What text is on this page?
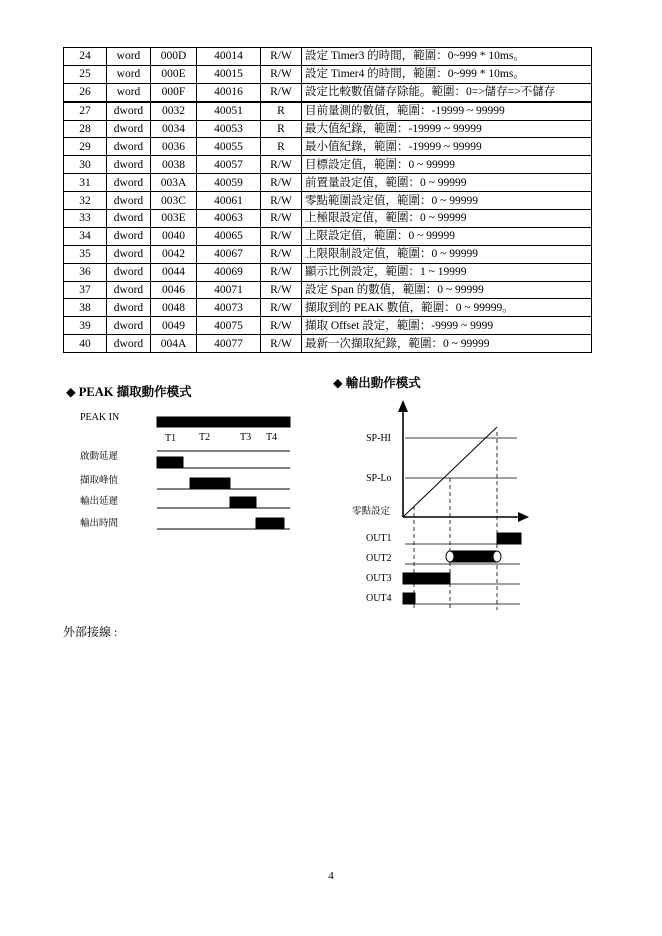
24	word	000D	40014	R/W	設定 Timer3 的時間，範圍：0~999 * 10ms。
25	word	000E	40015	R/W	設定 Timer4 的時間，範圍：0~999 * 10ms。
26	word	000F	40016	R/W	設定比較數值儲存除能。範圍：0=>儲存=>不儲存
27	dword	0032	40051	R	目前量測的數值，範圍：-19999 ~ 99999
28	dword	0034	40053	R	最大值紀錄，範圍：-19999 ~ 99999
29	dword	0036	40055	R	最小值紀錄，範圍：-19999 ~ 99999
30	dword	0038	40057	R/W	目標設定值，範圍：0 ~ 99999
31	dword	003A	40059	R/W	前置量設定值，範圍：0 ~ 99999
32	dword	003C	40061	R/W	零點範圍設定值，範圍：0 ~ 99999
33	dword	003E	40063	R/W	上極限設定值，範圍：0 ~ 99999
34	dword	0040	40065	R/W	上限設定值，範圍：0 ~ 99999
35	dword	0042	40067	R/W	上限限制設定值，範圍：0 ~ 99999
36	dword	0044	40069	R/W	顯示比例設定，範圍：1 ~ 19999
37	dword	0046	40071	R/W	設定 Span 的數值，範圍：0 ~ 99999
38	dword	0048	40073	R/W	擷取到的 PEAK 數值，範圍：0 ~ 99999。
39	dword	0049	40075	R/W	擷取 Offset 設定，範圍：-9999 ~ 9999
40	dword	004A	40077	R/W	最新一次擷取紀錄，範圍：0 ~ 99999
◆ PEAK 擷取動作模式
PEAK IN
T1 T2	T3 T4
啟動延遲
擷取峰值
輸出延遲
輸出時間
◆ 輸出動作模式
SP-HI
SP-Lo
零點設定
OUT1
OUT2
OUT3
OUT4
外部接線 :
4
